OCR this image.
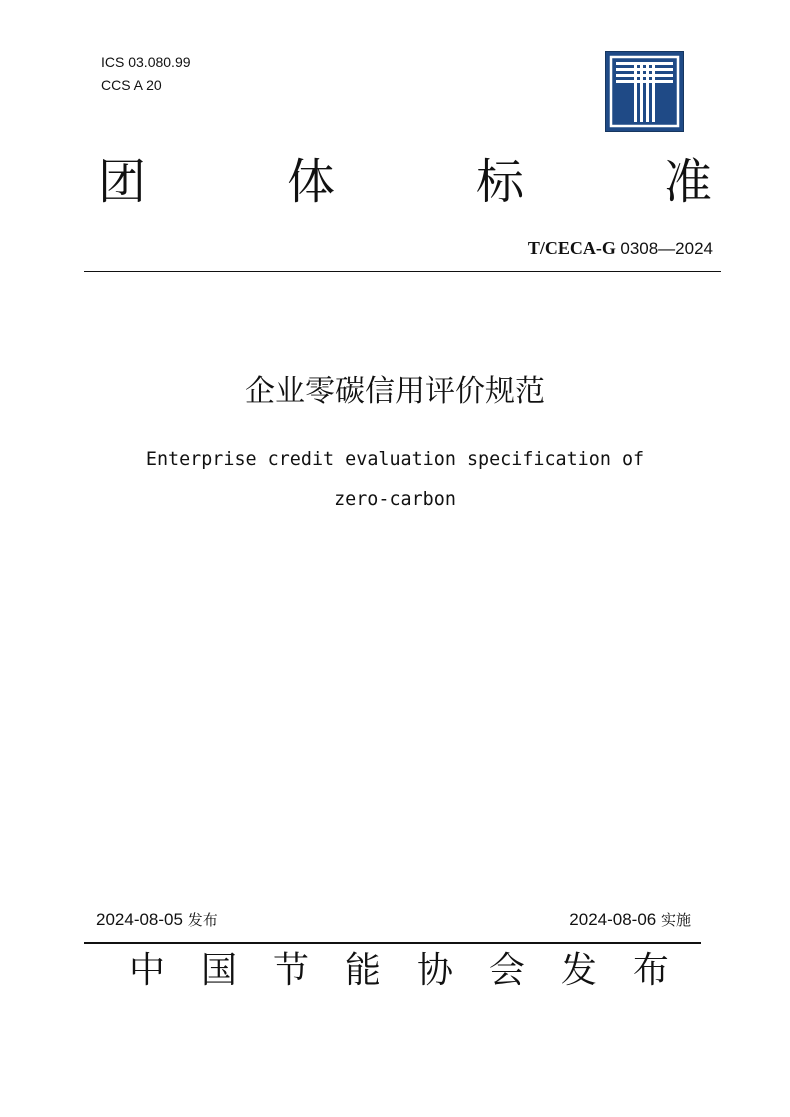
ICS 03.080.99
CCS A 20
团	体	标	准
T/CECA-G 0308—2024
企业零碳信用评价规范
Enterprise credit evaluation specification of
zero-carbon
2024-08-05 发布	2024-08-06 实施
中 国 节 能 协 会 发 布
